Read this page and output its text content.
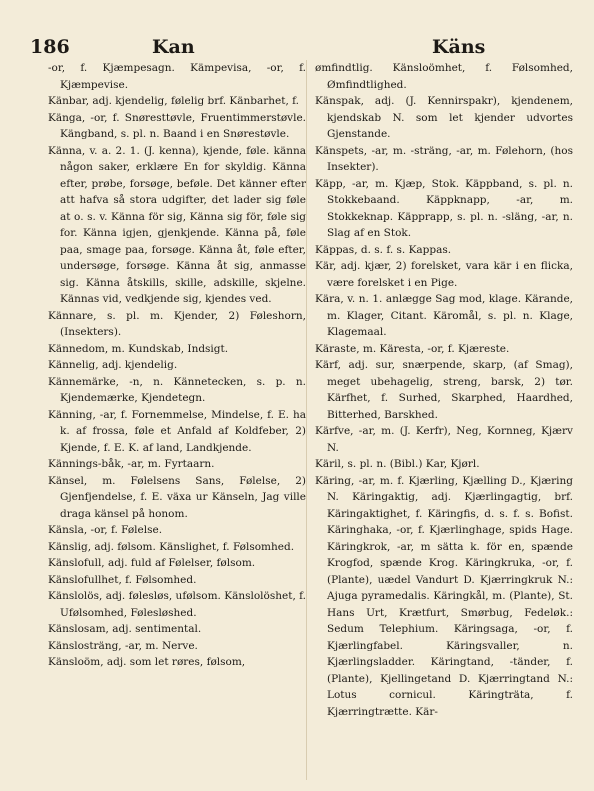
186	Kan	Käns

-or, f. Kjæmpesagn. Kämpevisa, -or, f. Kjæmpevise.

Känbar, adj. kjendelig, følelig brf. Känbarhet, f.

Känga, -or, f. Snøresttøvle, Fruentimmerstøvle. Kängband, s. pl. n. Baand i en Snørestøvle.

Känna, v. a. 2. 1. (J. kenna), kjende, føle. känna någon saker, erklære En for skyldig. Känna efter, prøbe, forsøge, beføle. Det känner efter att hafva så stora udgifter, det lader sig føle at o. s. v. Känna för sig, Känna sig för, føle sig for. Känna igjen, gjenkjende. Känna på, føle paa, smage paa, forsøge. Känna åt, føle efter, undersøge, forsøge. Känna åt sig, anmasse sig. Känna åtskills, skille, adskille, skjelne. Kännas vid, vedkjende sig, kjendes ved.

Kännare, s. pl. m. Kjender, 2) Føleshorn, (Insekters).

Kännedom, m. Kundskab, Indsigt.

Kännelig, adj. kjendelig.

Kännemärke, -n, n. Kännetecken, s. p. n. Kjendemærke, Kjendetegn.

Känning, -ar, f. Fornemmelse, Mindelse, f. E. ha k. af frossa, føle et Anfald af Koldfeber, 2) Kjende, f. E. K. af land, Landkjende.

Kännings-båk, -ar, m. Fyrtaarn.

Känsel, m. Følelsens Sans, Følelse, 2) Gjenfjendelse, f. E. växa ur Känseln, Jag ville draga känsel på honom.

Känsla, -or, f. Følelse.

Känslig, adj. følsom. Känslighet, f. Følsomhed.

Känslofull, adj. fuld af Følelser, følsom.

Känslofullhet, f. Følsomhed.

Känslolös, adj. følesløs, ufølsom. Känslolöshet, f. Ufølsomhed, Følesløshed.

Känslosam, adj. sentimental.

Känslosträng, -ar, m. Nerve.

Känsloöm, adj. som let røres, følsom,

ømfindtlig. Känsloömhet, f. Følsomhed, Ømfindtlighed.

Känspak, adj. (J. Kennirspakr), kjendenem, kjendskab N. som let kjender udvortes Gjenstande.

Känspets, -ar, m. -sträng, -ar, m. Følehorn, (hos Insekter).

Käpp, -ar, m. Kjæp, Stok. Käppband, s. pl. n. Stokkebaand. Käppknapp, -ar, m. Stokkeknap. Käpprapp, s. pl. n. -släng, -ar, n. Slag af en Stok.

Käppas, d. s. f. s. Kappas.

Kär, adj. kjær, 2) forelsket, vara kär i en flicka, være forelsket i en Pige.

Kära, v. n. 1. anlægge Sag mod, klage. Kärande, m. Klager, Citant. Käromål, s. pl. n. Klage, Klagemaal.

Käraste, m. Käresta, -or, f. Kjæreste.

Kärf, adj. sur, snærpende, skarp, (af Smag), meget ubehagelig, streng, barsk, 2) tør. Kärfhet, f. Surhed, Skarphed, Haardhed, Bitterhed, Barskhed.

Kärfve, -ar, m. (J. Kerfr), Neg, Kornneg, Kjærv N.

Käril, s. pl. n. (Bibl.) Kar, Kjørl.

Käring, -ar, m. f. Kjærling, Kjælling D., Kjæring N. Käringaktig, adj. Kjærlingagtig, brf. Käringaktighet, f. Käringfis, d. s. f. s. Bofist. Käringhaka, -or, f. Kjærlinghage, spids Hage. Käringkrok, -ar, m sätta k. för en, spænde Krogfod, spænde Krog. Käringkruka, -or, f. (Plante), uædel Vandurt D. Kjærringkruk N.: Ajuga pyramedalis. Käringkål, m. (Plante), St. Hans Urt, Krætfurt, Smørbug, Fedeløk.: Sedum Telephium. Käringsaga, -or, f. Kjærlingfabel. Käringsvaller, n. Kjærlingsladder. Käringtand, -tänder, f. (Plante), Kjellingetand D. Kjærringtand N.: Lotus cornicul. Käringträta, f. Kjærringtrætte. Kär-
